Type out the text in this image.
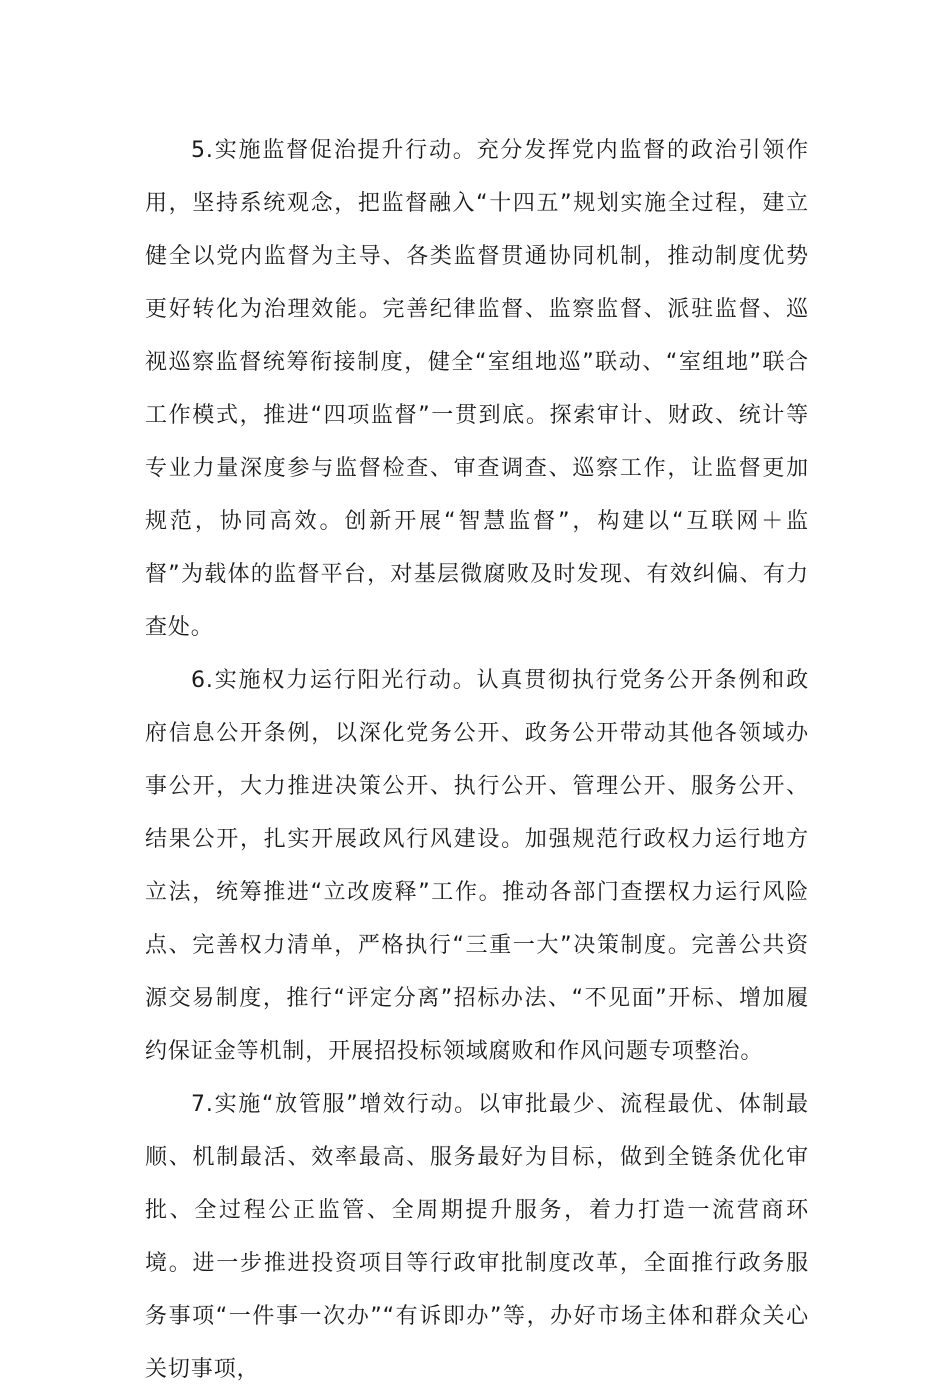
5.实施监督促治提升行动。充分发挥党内监督的政治引领作用，坚持系统观念，把监督融入“十四五”规划实施全过程，建立健全以党内监督为主导、各类监督贯通协同机制，推动制度优势更好转化为治理效能。完善纪律监督、监察监督、派驻监督、巡视巡察监督统筹衔接制度，健全“室组地巡”联动、“室组地”联合工作模式，推进“四项监督”一贯到底。探索审计、财政、统计等专业力量深度参与监督检查、审查调查、巡察工作，让监督更加规范，协同高效。创新开展“智慧监督”，构建以“互联网＋监督”为载体的监督平台，对基层微腐败及时发现、有效纠偏、有力查处。

6.实施权力运行阳光行动。认真贯彻执行党务公开条例和政府信息公开条例，以深化党务公开、政务公开带动其他各领域办事公开，大力推进决策公开、执行公开、管理公开、服务公开、结果公开，扎实开展政风行风建设。加强规范行政权力运行地方立法，统筹推进“立改废释”工作。推动各部门查摆权力运行风险点、完善权力清单，严格执行“三重一大”决策制度。完善公共资源交易制度，推行“评定分离”招标办法、“不见面”开标、增加履约保证金等机制，开展招投标领域腐败和作风问题专项整治。

7.实施“放管服”增效行动。以审批最少、流程最优、体制最顺、机制最活、效率最高、服务最好为目标，做到全链条优化审批、全过程公正监管、全周期提升服务，着力打造一流营商环境。进一步推进投资项目等行政审批制度改革，全面推行政务服务事项“一件事一次办”“有诉即办”等，办好市场主体和群众关心关切事项，
